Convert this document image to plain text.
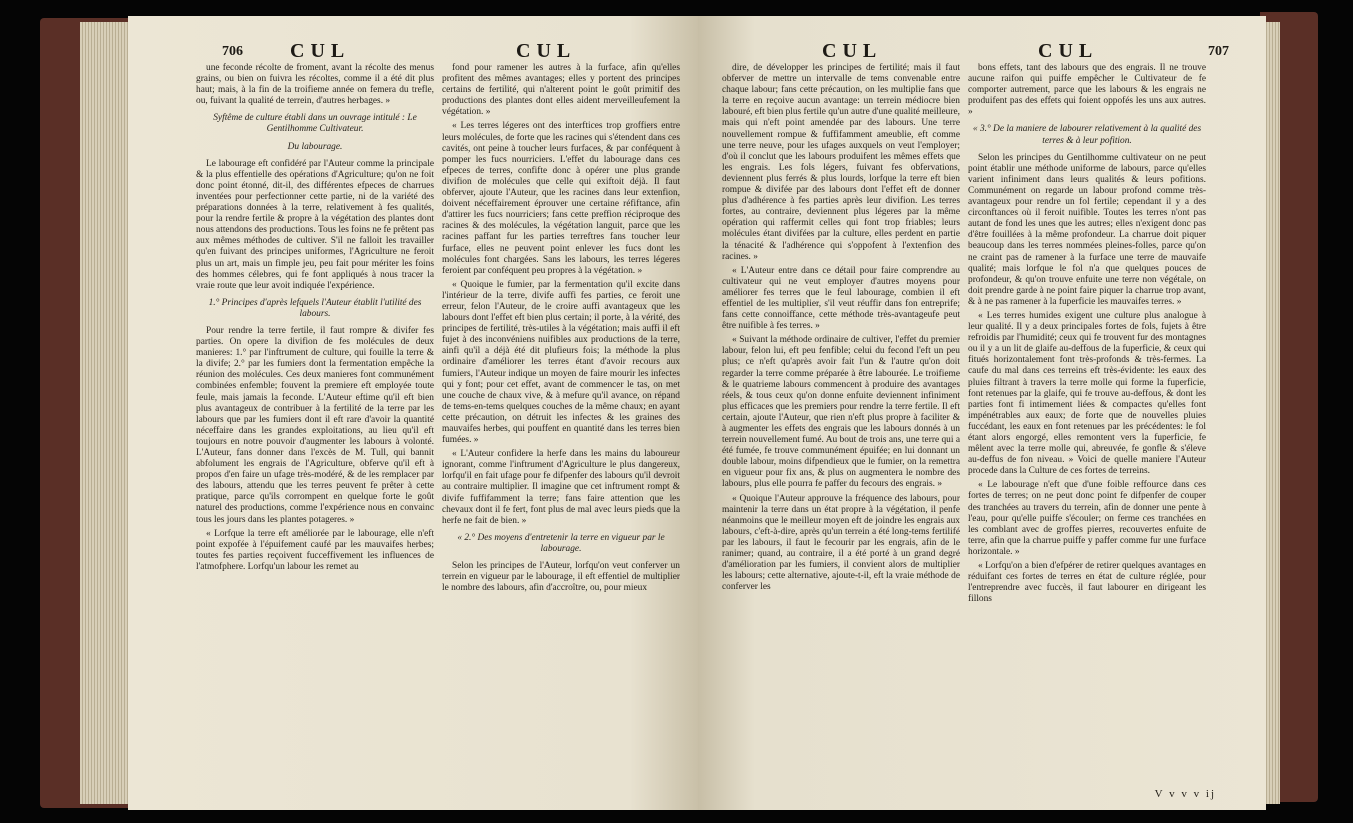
706 CUL	CUL

une feconde récolte de froment, avant la récolte des menus grains, ou bien on fuivra les récoltes, comme il a été dit plus haut; mais, à la fin de la troifieme année on femera du trefle, ou, fuivant la qualité de terrein, d'autres herbages. »

Syftême de culture établi dans un ouvrage intitulé : Le Gentilhomme Cultivateur.

Du labourage.

Le labourage eft confidéré par l'Auteur comme la principale & la plus effentielle des opérations d'Agriculture; qu'on ne foit donc point étonné, dit-il, des différentes efpeces de charrues inventées pour perfectionner cette partie, ni de la variété des préparations données à la terre, relativement à fes qualités, pour la rendre fertile & propre à la végétation des plantes dont nous attendons des productions. Tous les foins ne fe prêtent pas aux mêmes méthodes de cultiver. S'il ne falloit les travailler qu'en fuivant des principes uniformes, l'Agriculture ne feroit plus un art, mais un fimple jeu, peu fait pour mériter les foins des hommes célebres, qui fe font appliqués à nous tracer la vraie route que leur avoit indiquée l'expérience.

1.° Principes d'après lefquels l'Auteur établit l'utilité des labours.

Pour rendre la terre fertile, il faut rompre & divifer fes parties. On opere la divifion de fes molécules de deux manieres: 1.° par l'inftrument de culture, qui fouille la terre & la divife; 2.° par les fumiers dont la fermentation empêche la réunion des molécules. Ces deux manieres font communément combinées enfemble; fouvent la premiere eft employée toute feule, mais jamais la feconde. L'Auteur eftime qu'il eft bien plus avantageux de contribuer à la fertilité de la terre par les labours que par les fumiers dont il eft rare d'avoir la quantité néceffaire dans les grandes exploitations, au lieu qu'il eft toujours en notre pouvoir d'augmenter les labours à volonté. L'Auteur, fans donner dans l'excès de M. Tull, qui bannit abfolument les engrais de l'Agriculture, obferve qu'il eft à propos d'en faire un ufage très-modéré, & de les remplacer par des labours, attendu que les terres peuvent fe prêter à cette pratique, parce qu'ils corrompent en quelque forte le goût naturel des productions, comme l'expérience nous en convainc tous les jours dans les plantes potageres. »

« Lorfque la terre eft améliorée par le labourage, elle n'eft point expofée à l'épuifement caufé par les mauvaifes herbes; toutes fes parties reçoivent fucceffivement les influences de l'atmofphere. Lorfqu'un labour les remet au

fond pour ramener les autres à la furface, afin qu'elles profitent des mêmes avantages; elles y portent des principes certains de fertilité, qui n'alterent point le goût primitif des productions des plantes dont elles aident merveilleufement la végétation. »

« Les terres légeres ont des interftices trop groffiers entre leurs molécules, de forte que les racines qui s'étendent dans ces cavités, ont peine à toucher leurs furfaces, & par conféquent à pomper les fucs nourriciers. L'effet du labourage dans ces efpeces de terres, confifte donc à opérer une plus grande divifion de molécules que celle qui exiftoit déjà. Il faut obferver, ajoute l'Auteur, que les racines dans leur extenfion, doivent néceffairement éprouver une certaine réfiftance, afin d'attirer les fucs nourriciers; fans cette preffion réciproque des racines & des molécules, la végétation languit, parce que les racines paffant fur les parties terreftres fans toucher leur furface, elles ne peuvent point enlever les fucs dont les molécules font chargées. Sans les labours, les terres légeres feroient par conféquent peu propres à la végétation. »

« Quoique le fumier, par la fermentation qu'il excite dans l'intérieur de la terre, divife auffi fes parties, ce feroit une erreur, felon l'Auteur, de le croire auffi avantageux que les labours dont l'effet eft bien plus certain; il porte, à la vérité, des principes de fertilité, très-utiles à la végétation; mais auffi il eft fujet à des inconvéniens nuifibles aux productions de la terre, ainfi qu'il a déjà été dit plufieurs fois; la méthode la plus ordinaire d'améliorer les terres étant d'avoir recours aux fumiers, l'Auteur indique un moyen de faire mourir les infectes qui y font; pour cet effet, avant de commencer le tas, on met une couche de chaux vive, & à mefure qu'il avance, on répand de tems-en-tems quelques couches de la même chaux; en ayant cette précaution, on détruit les infectes & les graines des mauvaifes herbes, qui pouffent en quantité dans les terres bien fumées. »

« L'Auteur confidere la herfe dans les mains du laboureur ignorant, comme l'inftrument d'Agriculture le plus dangereux, lorfqu'il en fait ufage pour fe difpenfer des labours qu'il devroit au contraire multiplier. Il imagine que cet inftrument rompt & divife fuffifamment la terre; fans faire attention que les chevaux dont il fe fert, font plus de mal avec leurs pieds que la herfe ne fait de bien. »

« 2.° Des moyens d'entretenir la terre en vigueur par le labourage.

Selon les principes de l'Auteur, lorfqu'on veut conferver un terrein en vigueur par le labourage, il eft effentiel de multiplier le nombre des labours, afin d'accroître, ou, pour mieux

CUL	CUL	707

dire, de développer les principes de fertilité; mais il faut obferver de mettre un intervalle de tems convenable entre chaque labour; fans cette précaution, on les multiplie fans que la terre en reçoive aucun avantage: un terrein médiocre bien labouré, eft bien plus fertile qu'un autre d'une qualité meilleure, mais qui n'eft point amendée par des labours. Une terre nouvellement rompue & fuffifamment ameublie, eft comme une terre neuve, pour les ufages auxquels on veut l'employer; d'où il conclut que les labours produifent les mêmes effets que les engrais. Les fols légers, fuivant fes obfervations, deviennent plus ferrés & plus lourds, lorfque la terre eft bien rompue & divifée par des labours dont l'effet eft de donner plus d'adhérence à fes parties après leur divifion. Les terres fortes, au contraire, deviennent plus légeres par la même opération qui raffermit celles qui font trop friables; leurs molécules étant divifées par la culture, elles perdent en partie la ténacité & l'adhérence qui s'oppofent à l'extenfion des racines. »

« L'Auteur entre dans ce détail pour faire comprendre au cultivateur qui ne veut employer d'autres moyens pour améliorer fes terres que le feul labourage, combien il eft effentiel de les multiplier, s'il veut réuffir dans fon entreprife; fans cette connoiffance, cette méthode très-avantageufe peut être nuifible à fes terres. »

« Suivant la méthode ordinaire de cultiver, l'effet du premier labour, felon lui, eft peu fenfible; celui du fecond l'eft un peu plus; ce n'eft qu'après avoir fait l'un & l'autre qu'on doit regarder la terre comme préparée à être labourée. Le troifieme & le quatrieme labours commencent à produire des avantages réels, & tous ceux qu'on donne enfuite deviennent infiniment plus efficaces que les premiers pour rendre la terre fertile. Il eft certain, ajoute l'Auteur, que rien n'eft plus propre à faciliter & à augmenter les effets des engrais que les labours donnés à un terrein nouvellement fumé. Au bout de trois ans, une terre qui a été fumée, fe trouve communément épuifée; en lui donnant un double labour, moins difpendieux que le fumier, on la remettra en vigueur pour fix ans, & plus on augmentera le nombre des labours, plus elle pourra fe paffer du fecours des engrais. »

« Quoique l'Auteur approuve la fréquence des labours, pour maintenir la terre dans un état propre à la végétation, il penfe néanmoins que le meilleur moyen eft de joindre les engrais aux labours, c'eft-à-dire, après qu'un terrein a été long-tems fertilifé par les labours, il faut le fecourir par les engrais, afin de le ranimer; quand, au contraire, il a été porté à un grand degré d'amélioration par les fumiers, il convient alors de multiplier les labours; cette alternative, ajoute-t-il, eft la vraie méthode de conferver les

bons effets, tant des labours que des engrais. Il ne trouve aucune raifon qui puiffe empêcher le Cultivateur de fe comporter autrement, parce que les labours & les engrais ne produifent pas des effets qui foient oppofés les uns aux autres. »

« 3.° De la maniere de labourer relativement à la qualité des terres & à leur pofition.

Selon les principes du Gentilhomme cultivateur on ne peut point établir une méthode uniforme de labours, parce qu'elles varient infiniment dans leurs qualités & leurs pofitions. Communément on regarde un labour profond comme très-avantageux pour rendre un fol fertile; cependant il y a des circonftances où il feroit nuifible. Toutes les terres n'ont pas autant de fond les unes que les autres; elles n'exigent donc pas d'être fouillées à la même profondeur. La charrue doit piquer beaucoup dans les terres nommées pleines-folles, parce qu'on ne craint pas de ramener à la furface une terre de mauvaife qualité; mais lorfque le fol n'a que quelques pouces de profondeur, & qu'on trouve enfuite une terre non végétale, on doit prendre garde à ne point faire piquer la charrue trop avant, & à ne pas ramener à la fuperficie les mauvaifes terres. »

« Les terres humides exigent une culture plus analogue à leur qualité. Il y a deux principales fortes de fols, fujets à être refroidis par l'humidité; ceux qui fe trouvent fur des montagnes ou il y a un lit de glaife au-deffous de la fuperficie, & ceux qui fitués horizontalement font très-profonds & très-fermes. La caufe du mal dans ces terreins eft très-évidente: les eaux des pluies filtrant à travers la terre molle qui forme la fuperficie, font retenues par la glaife, qui fe trouve au-deffous, & dont les parties font fi intimement liées & compactes qu'elles font impénétrables aux eaux; de forte que de nouvelles pluies fuccédant, les eaux en font retenues par les précédentes: le fol étant alors engorgé, elles remontent vers la fuperficie, fe mêlent avec la terre molle qui, abreuvée, fe gonfle & s'éleve au-deffus de fon niveau. » Voici de quelle maniere l'Auteur procede dans la Culture de ces fortes de terreins.

« Le labourage n'eft que d'une foible reffource dans ces fortes de terres; on ne peut donc point fe difpenfer de couper des tranchées au travers du terrein, afin de donner une pente à l'eau, pour qu'elle puiffe s'écouler; on ferme ces tranchées en les comblant avec de groffes pierres, recouvertes enfuite de terre, afin que la charrue puiffe y paffer comme fur une furface horizontale. »

« Lorfqu'on a bien d'efpérer de retirer quelques avantages en réduifant ces fortes de terres en état de culture réglée, pour l'entreprendre avec fuccès, il faut labourer en dirigeant les fillons

V v v v ij
